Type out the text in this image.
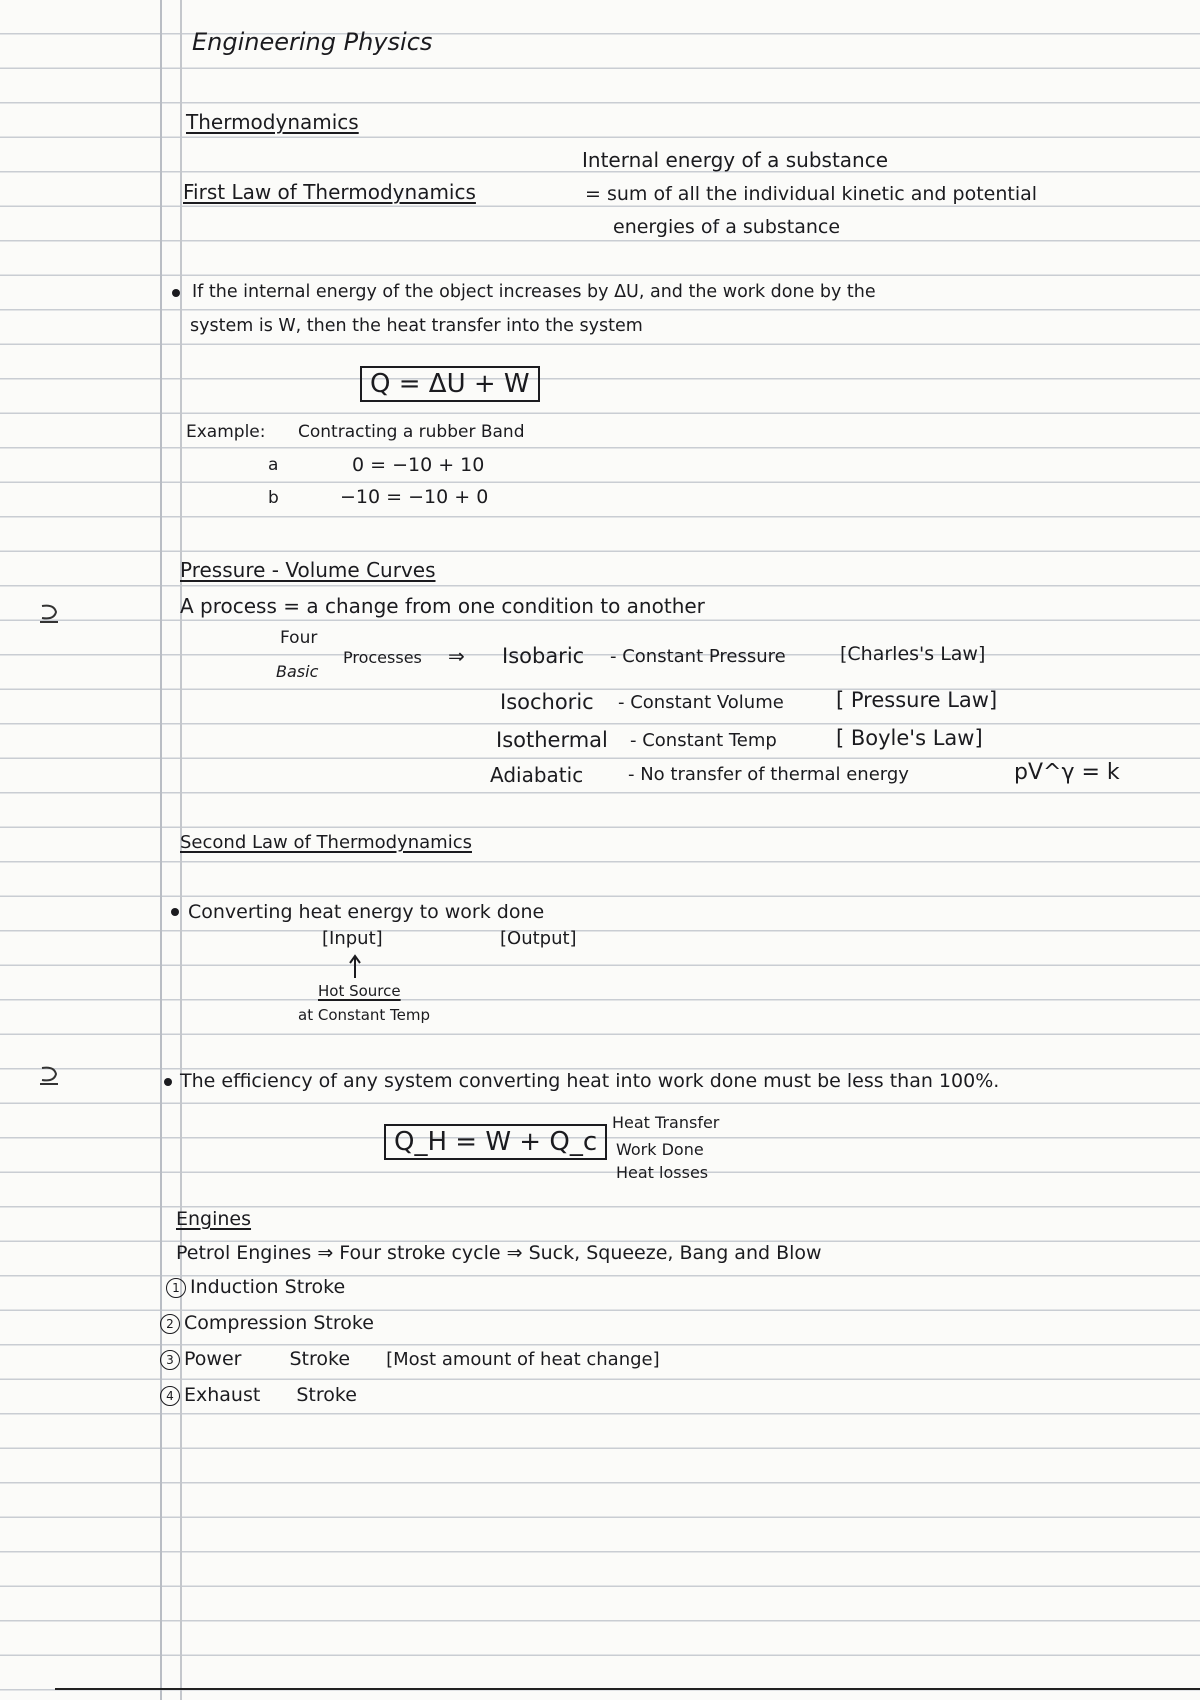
Engineering Physics
Thermodynamics
First Law of Thermodynamics
Internal energy of a substance
= sum of all the individual kinetic and potential
energies of a substance
If the internal energy of the object increases by ΔU, and the work done by the
system is W, then the heat transfer into the system
Q = ΔU + W
Example: Contracting a rubber Band
a	0 = −10 + 10
b	−10 = −10 + 0
Pressure - Volume Curves
A process = a change from one condition to another
Four
Basic
Processes ⇒ Isobaric - Constant Pressure	[Charles's Law]
Isochoric - Constant Volume [ Pressure Law]
Isothermal - Constant Temp	[ Boyle's Law]
Adiabatic - No transfer of thermal energy	pV^γ = k
Second Law of Thermodynamics
Converting heat energy to work done
[Input]	[Output]
Hot Source
at Constant Temp
The efficiency of any system converting heat into work done must be less than 100%.
Q_H = W + Q_c
Heat Transfer
Work Done
Heat losses
Engines
Petrol Engines ⇒ Four stroke cycle ⇒ Suck, Squeeze, Bang and Blow
1 Induction Stroke
2 Compression Stroke
3 Power	Stroke [Most amount of heat change]
4 Exhaust Stroke
